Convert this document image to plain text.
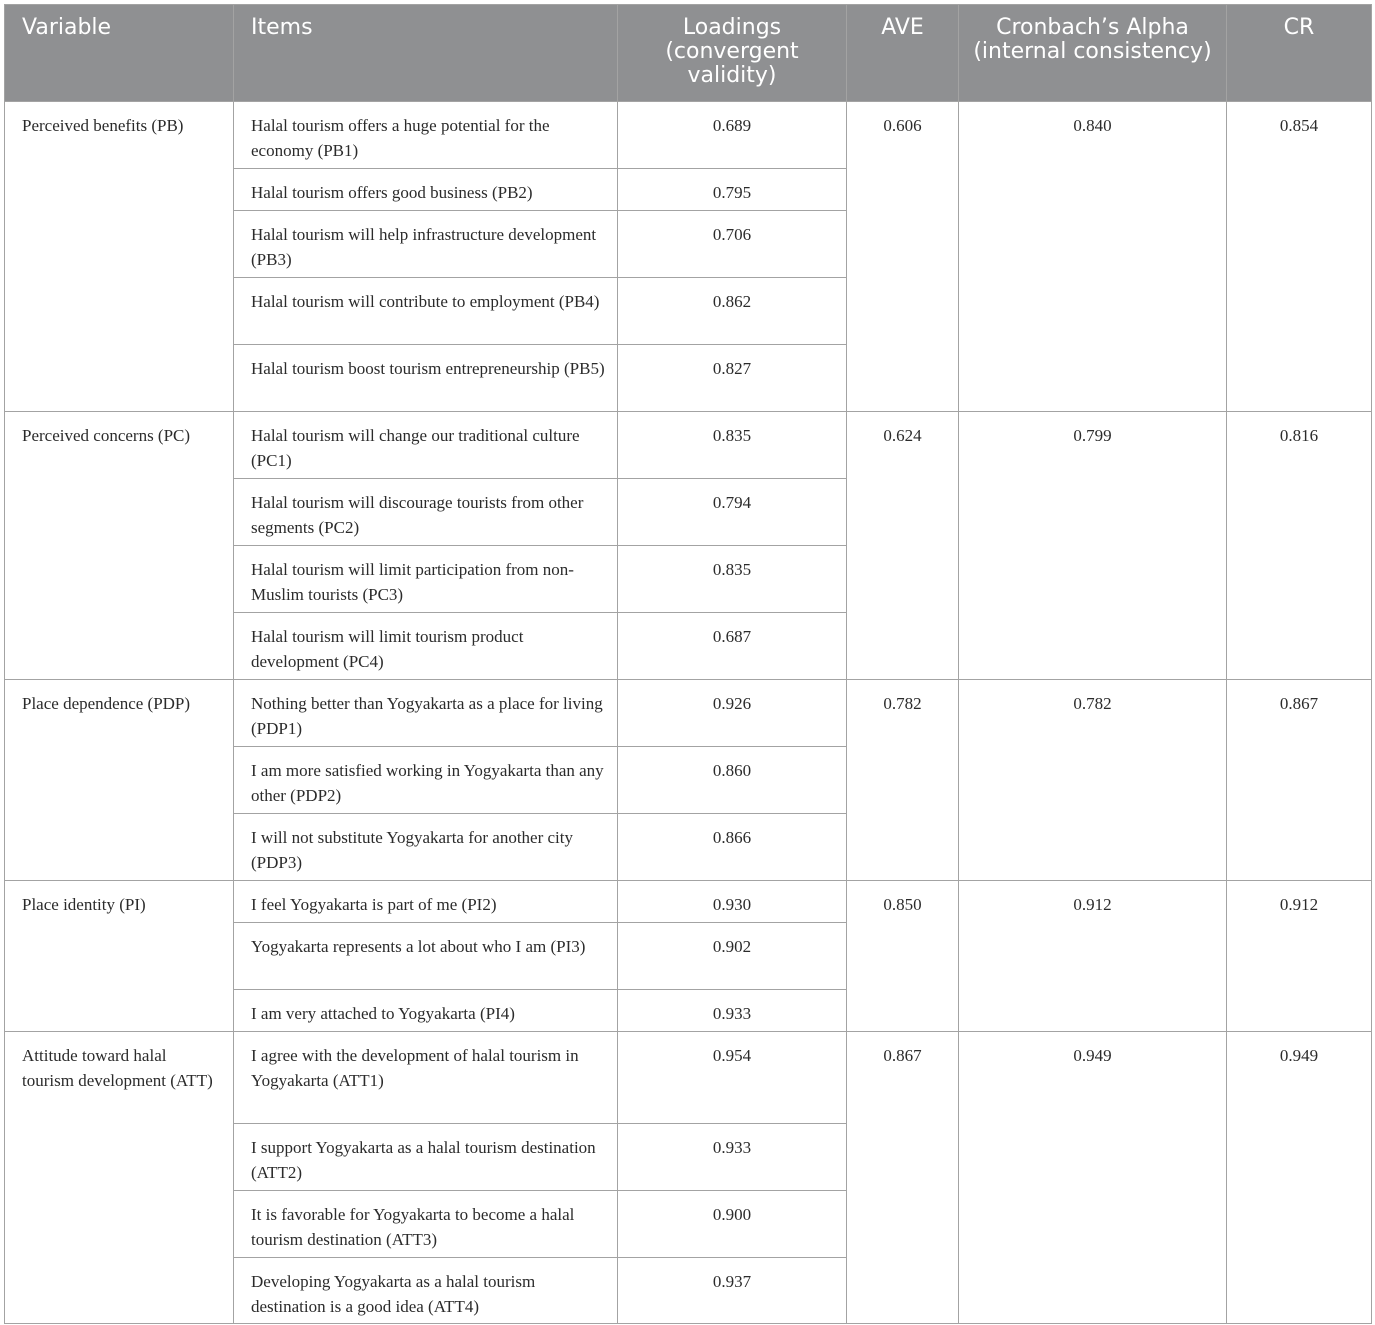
Variable	Items	Loadings (convergent validity)	AVE	Cronbach’s Alpha (internal consistency)	CR
Perceived benefits (PB)	Halal tourism offers a huge potential for the economy (PB1)	0.689	0.606	0.840	0.854
	Halal tourism offers good business (PB2)	0.795			
	Halal tourism will help infrastructure development (PB3)	0.706			
	Halal tourism will contribute to employment (PB4)	0.862			
	Halal tourism boost tourism entrepreneurship (PB5)	0.827			
Perceived concerns (PC)	Halal tourism will change our traditional culture (PC1)	0.835	0.624	0.799	0.816
	Halal tourism will discourage tourists from other segments (PC2)	0.794			
	Halal tourism will limit participation from non-Muslim tourists (PC3)	0.835			
	Halal tourism will limit tourism product development (PC4)	0.687			
Place dependence (PDP)	Nothing better than Yogyakarta as a place for living (PDP1)	0.926	0.782	0.782	0.867
	I am more satisfied working in Yogyakarta than any other (PDP2)	0.860			
	I will not substitute Yogyakarta for another city (PDP3)	0.866			
Place identity (PI)	I feel Yogyakarta is part of me (PI2)	0.930	0.850	0.912	0.912
	Yogyakarta represents a lot about who I am (PI3)	0.902			
	I am very attached to Yogyakarta (PI4)	0.933			
Attitude toward halal tourism development (ATT)	I agree with the development of halal tourism in Yogyakarta (ATT1)	0.954	0.867	0.949	0.949
	I support Yogyakarta as a halal tourism destination (ATT2)	0.933			
	It is favorable for Yogyakarta to become a halal tourism destination (ATT3)	0.900			
	Developing Yogyakarta as a halal tourism destination is a good idea (ATT4)	0.937			
